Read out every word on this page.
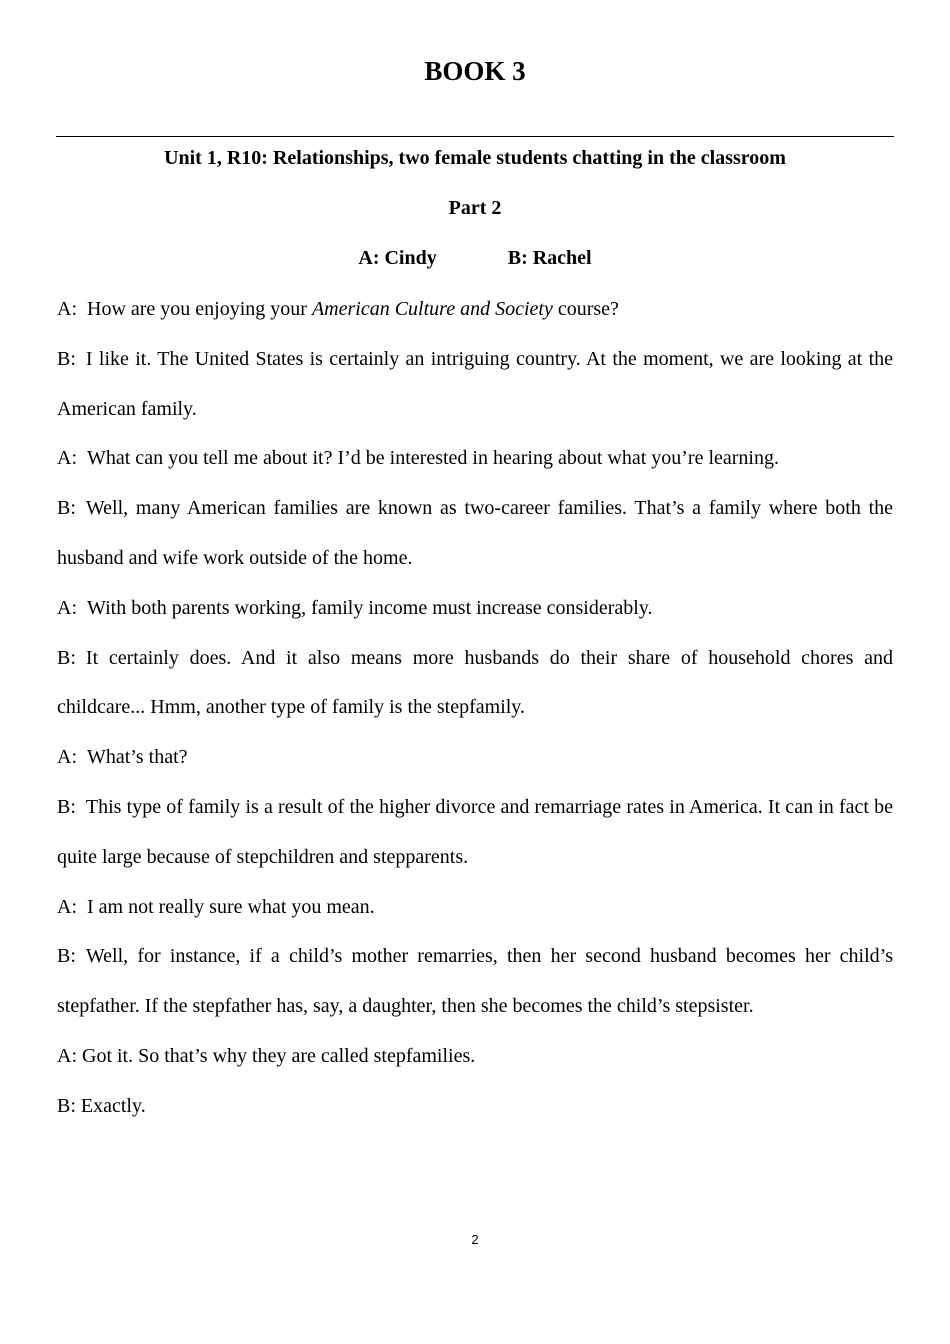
BOOK 3
Unit 1, R10: Relationships, two female students chatting in the classroom
Part 2
A: Cindy	B: Rachel

A: How are you enjoying your American Culture and Society course?

B: I like it. The United States is certainly an intriguing country. At the moment, we are looking at the American family.

A: What can you tell me about it? I’d be interested in hearing about what you’re learning.

B: Well, many American families are known as two-career families. That’s a family where both the husband and wife work outside of the home.

A: With both parents working, family income must increase considerably.

B: It certainly does. And it also means more husbands do their share of household chores and childcare... Hmm, another type of family is the stepfamily.

A: What’s that?

B: This type of family is a result of the higher divorce and remarriage rates in America. It can in fact be quite large because of stepchildren and stepparents.

A: I am not really sure what you mean.

B: Well, for instance, if a child’s mother remarries, then her second husband becomes her child’s stepfather. If the stepfather has, say, a daughter, then she becomes the child’s stepsister.

A: Got it. So that’s why they are called stepfamilies.

B: Exactly.

2
